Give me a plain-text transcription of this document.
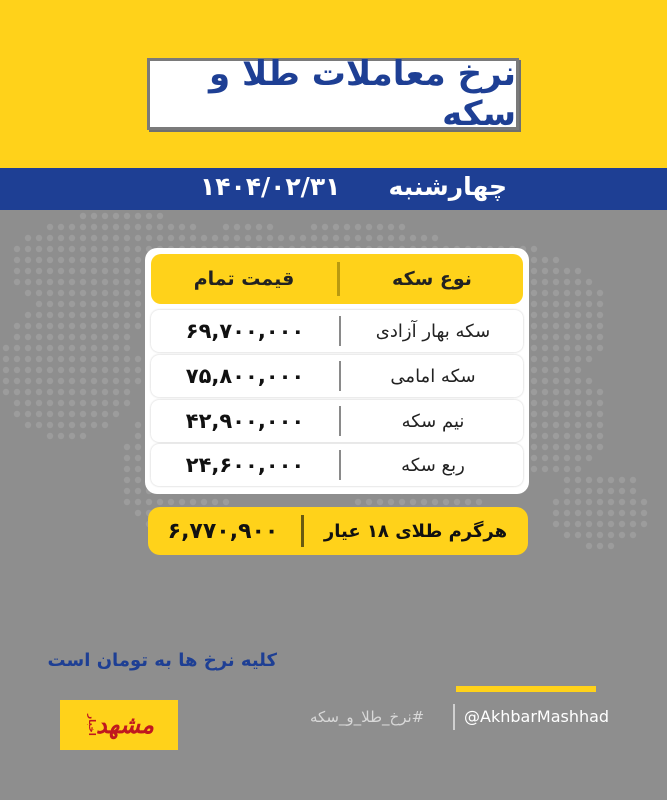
نرخ معاملات طلا و سکه
چهارشنبه
۱۴۰۴/۰۲/۳۱
قیمت تمام	نوع سکه
۶۹,۷۰۰,۰۰۰	سکه بهار آزادی
۷۵,۸۰۰,۰۰۰	سکه امامی
۴۲,۹۰۰,۰۰۰	نیم سکه
۲۴,۶۰۰,۰۰۰	ربع سکه
۶,۷۷۰,۹۰۰	هرگرم طلای ۱۸ عیار
کلیه نرخ ها به تومان است
مشهد
اخبار	#نرخ_طلا_و_سکه @AkhbarMashhad
